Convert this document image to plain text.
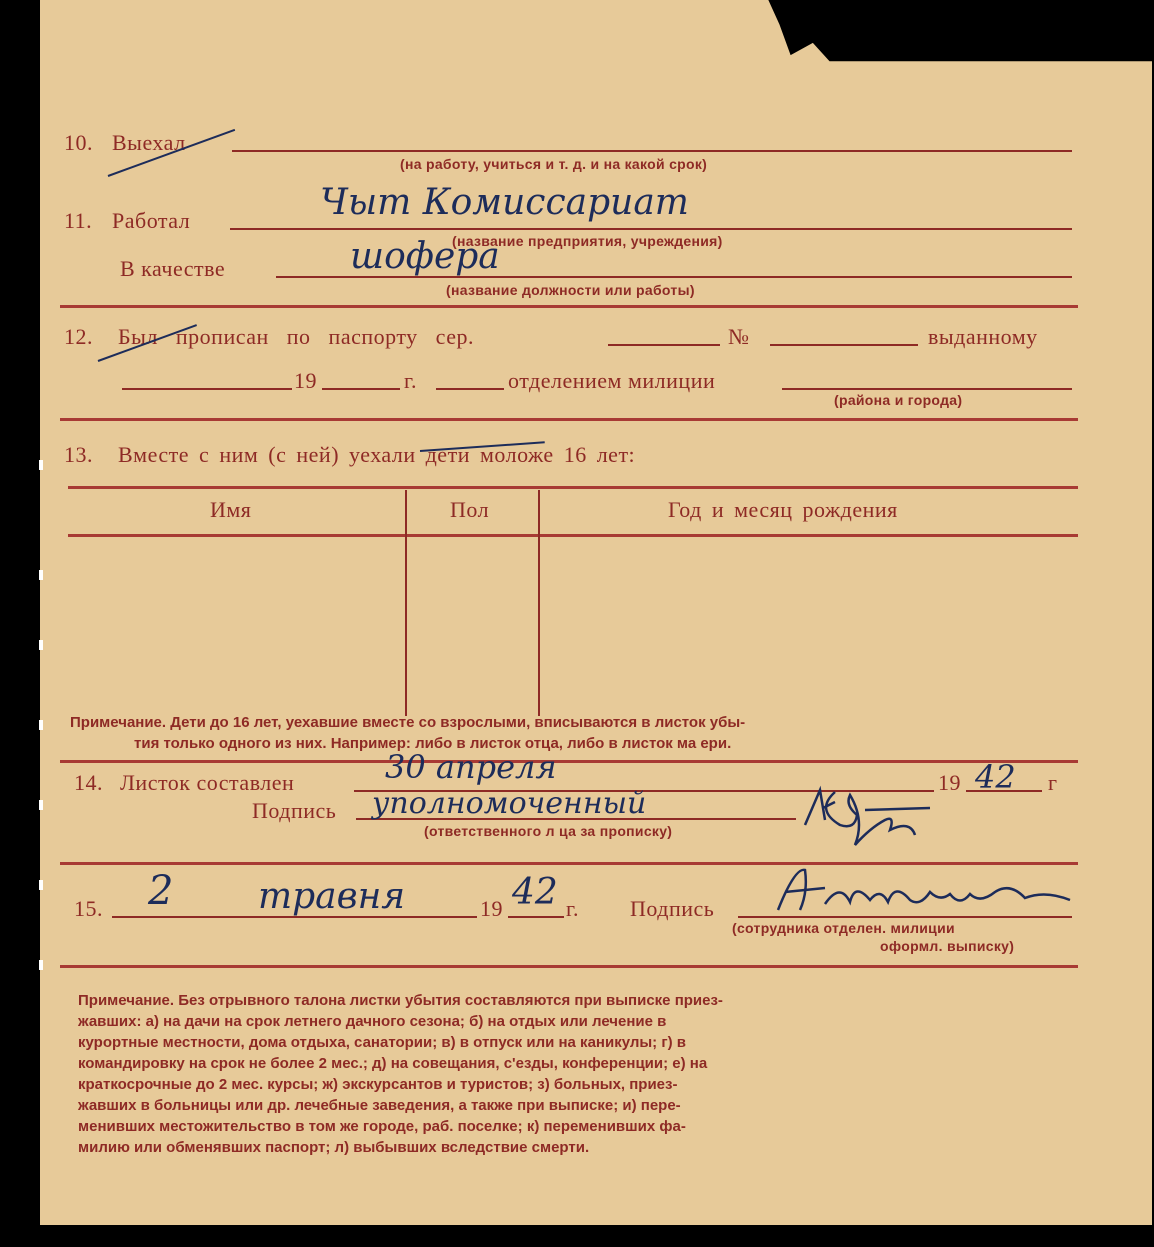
10. Выехал
(на работу, учиться и т. д. и на какой срок)
11. Работал	Чыт Комиссариат
(название предприятия, учреждения)
В качестве	шофера
(название должности или работы)
12. Был прописан по паспорту сер.	№	выданному
19	г.	отделением милиции
(района и города)
13. Вместе с ним (с ней) уехали дети моложе 16 лет:
Имя	Пол	Год и месяц рождения
Примечание. Дети до 16 лет, уехавшие вместе со взрослыми, вписываются в листок убы-
тия только одного из них. Например: либо в листок отца, либо в листок ма ери.
14. Листок составлен	30 апреля	19 42 г
Подпись уполномоченный
(ответственного л ца за прописку)
15. 2 травня	19 42 г. Подпись
(сотрудника отделен. милиции
оформл. выписку)
Примечание. Без отрывного талона листки убытия составляются при выписке приез-
жавших: а) на дачи на срок летнего дачного сезона; б) на отдых или лечение в
курортные местности, дома отдыха, санатории; в) в отпуск или на каникулы; г) в
командировку на срок не более 2 мес.; д) на совещания, с'езды, конференции; е) на
краткосрочные до 2 мес. курсы; ж) экскурсантов и туристов; з) больных, приез-
жавших в больницы или др. лечебные заведения, а также при выписке; и) пере-
менивших местожительство в том же городе, раб. поселке; к) переменивших фа-
милию или обменявших паспорт; л) выбывших вследствие смерти.
